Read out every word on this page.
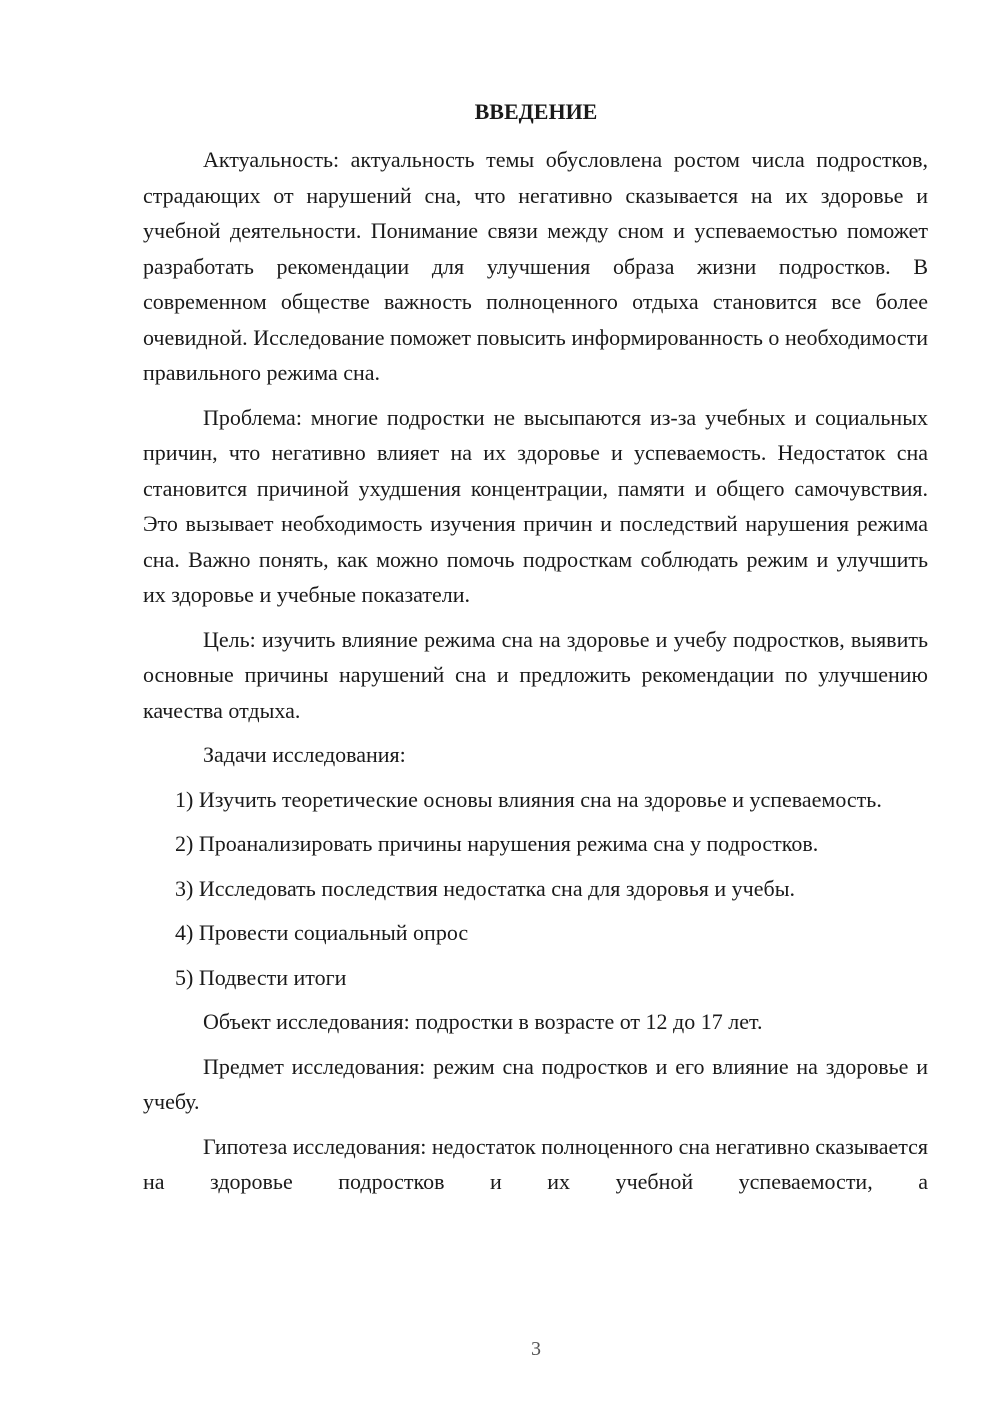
ВВЕДЕНИЕ

Актуальность: актуальность темы обусловлена ростом числа подростков, страдающих от нарушений сна, что негативно сказывается на их здоровье и учебной деятельности. Понимание связи между сном и успеваемостью поможет разработать рекомендации для улучшения образа жизни подростков. В современном обществе важность полноценного отдыха становится все более очевидной. Исследование поможет повысить информированность о необходимости правильного режима сна.

Проблема: многие подростки не высыпаются из-за учебных и социальных причин, что негативно влияет на их здоровье и успеваемость. Недостаток сна становится причиной ухудшения концентрации, памяти и общего самочувствия. Это вызывает необходимость изучения причин и последствий нарушения режима сна. Важно понять, как можно помочь подросткам соблюдать режим и улучшить их здоровье и учебные показатели.

Цель: изучить влияние режима сна на здоровье и учебу подростков, выявить основные причины нарушений сна и предложить рекомендации по улучшению качества отдыха.

Задачи исследования:

1) Изучить теоретические основы влияния сна на здоровье и успеваемость.

2) Проанализировать причины нарушения режима сна у подростков.

3) Исследовать последствия недостатка сна для здоровья и учебы.

4) Провести социальный опрос

5) Подвести итоги

Объект исследования: подростки в возрасте от 12 до 17 лет.

Предмет исследования: режим сна подростков и его влияние на здоровье и учебу.

Гипотеза исследования: недостаток полноценного сна негативно сказывается на здоровье подростков и их учебной успеваемости, а

3
